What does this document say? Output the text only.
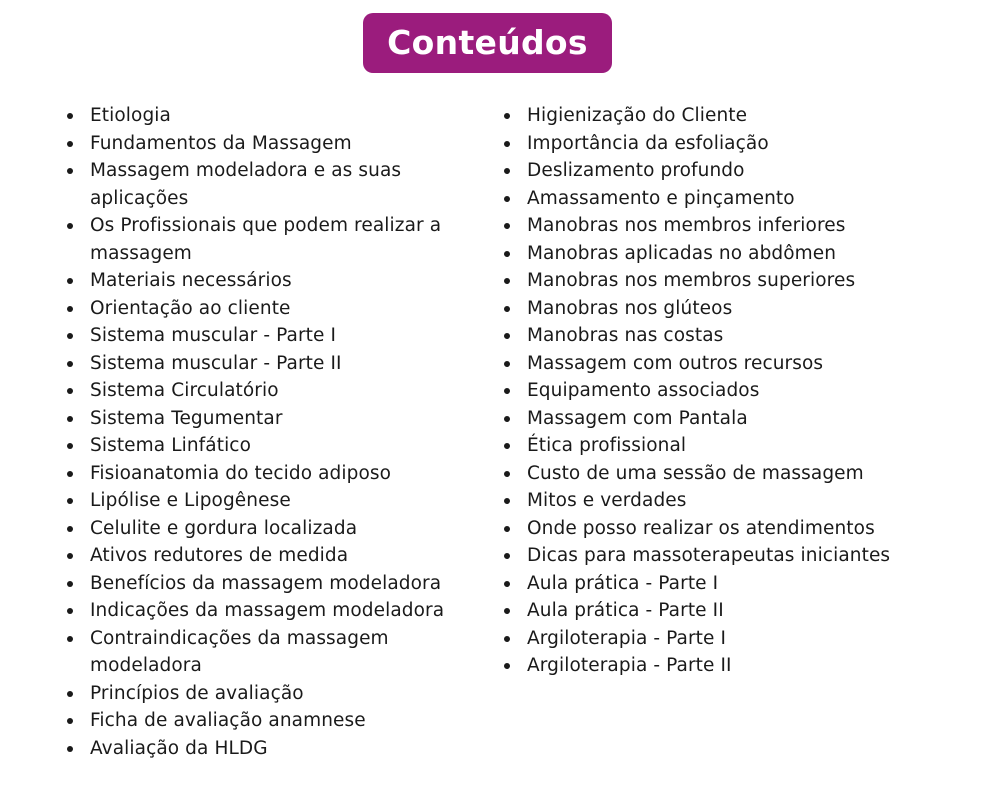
Conteúdos
Etiologia
Fundamentos da Massagem
Massagem modeladora e as suas aplicações
Os Profissionais que podem realizar a massagem
Materiais necessários
Orientação ao cliente
Sistema muscular - Parte I
Sistema muscular - Parte II
Sistema Circulatório
Sistema Tegumentar
Sistema Linfático
Fisioanatomia do tecido adiposo
Lipólise e Lipogênese
Celulite e gordura localizada
Ativos redutores de medida
Benefícios da massagem modeladora
Indicações da massagem modeladora
Contraindicações da massagem modeladora
Princípios de avaliação
Ficha de avaliação anamnese
Avaliação da HLDG
Higienização do Cliente
Importância da esfoliação
Deslizamento profundo
Amassamento e pinçamento
Manobras nos membros inferiores
Manobras aplicadas no abdômen
Manobras nos membros superiores
Manobras nos glúteos
Manobras nas costas
Massagem com outros recursos
Equipamento associados
Massagem com Pantala
Ética profissional
Custo de uma sessão de massagem
Mitos e verdades
Onde posso realizar os atendimentos
Dicas para massoterapeutas iniciantes
Aula prática - Parte I
Aula prática - Parte II
Argiloterapia - Parte I
Argiloterapia - Parte II
